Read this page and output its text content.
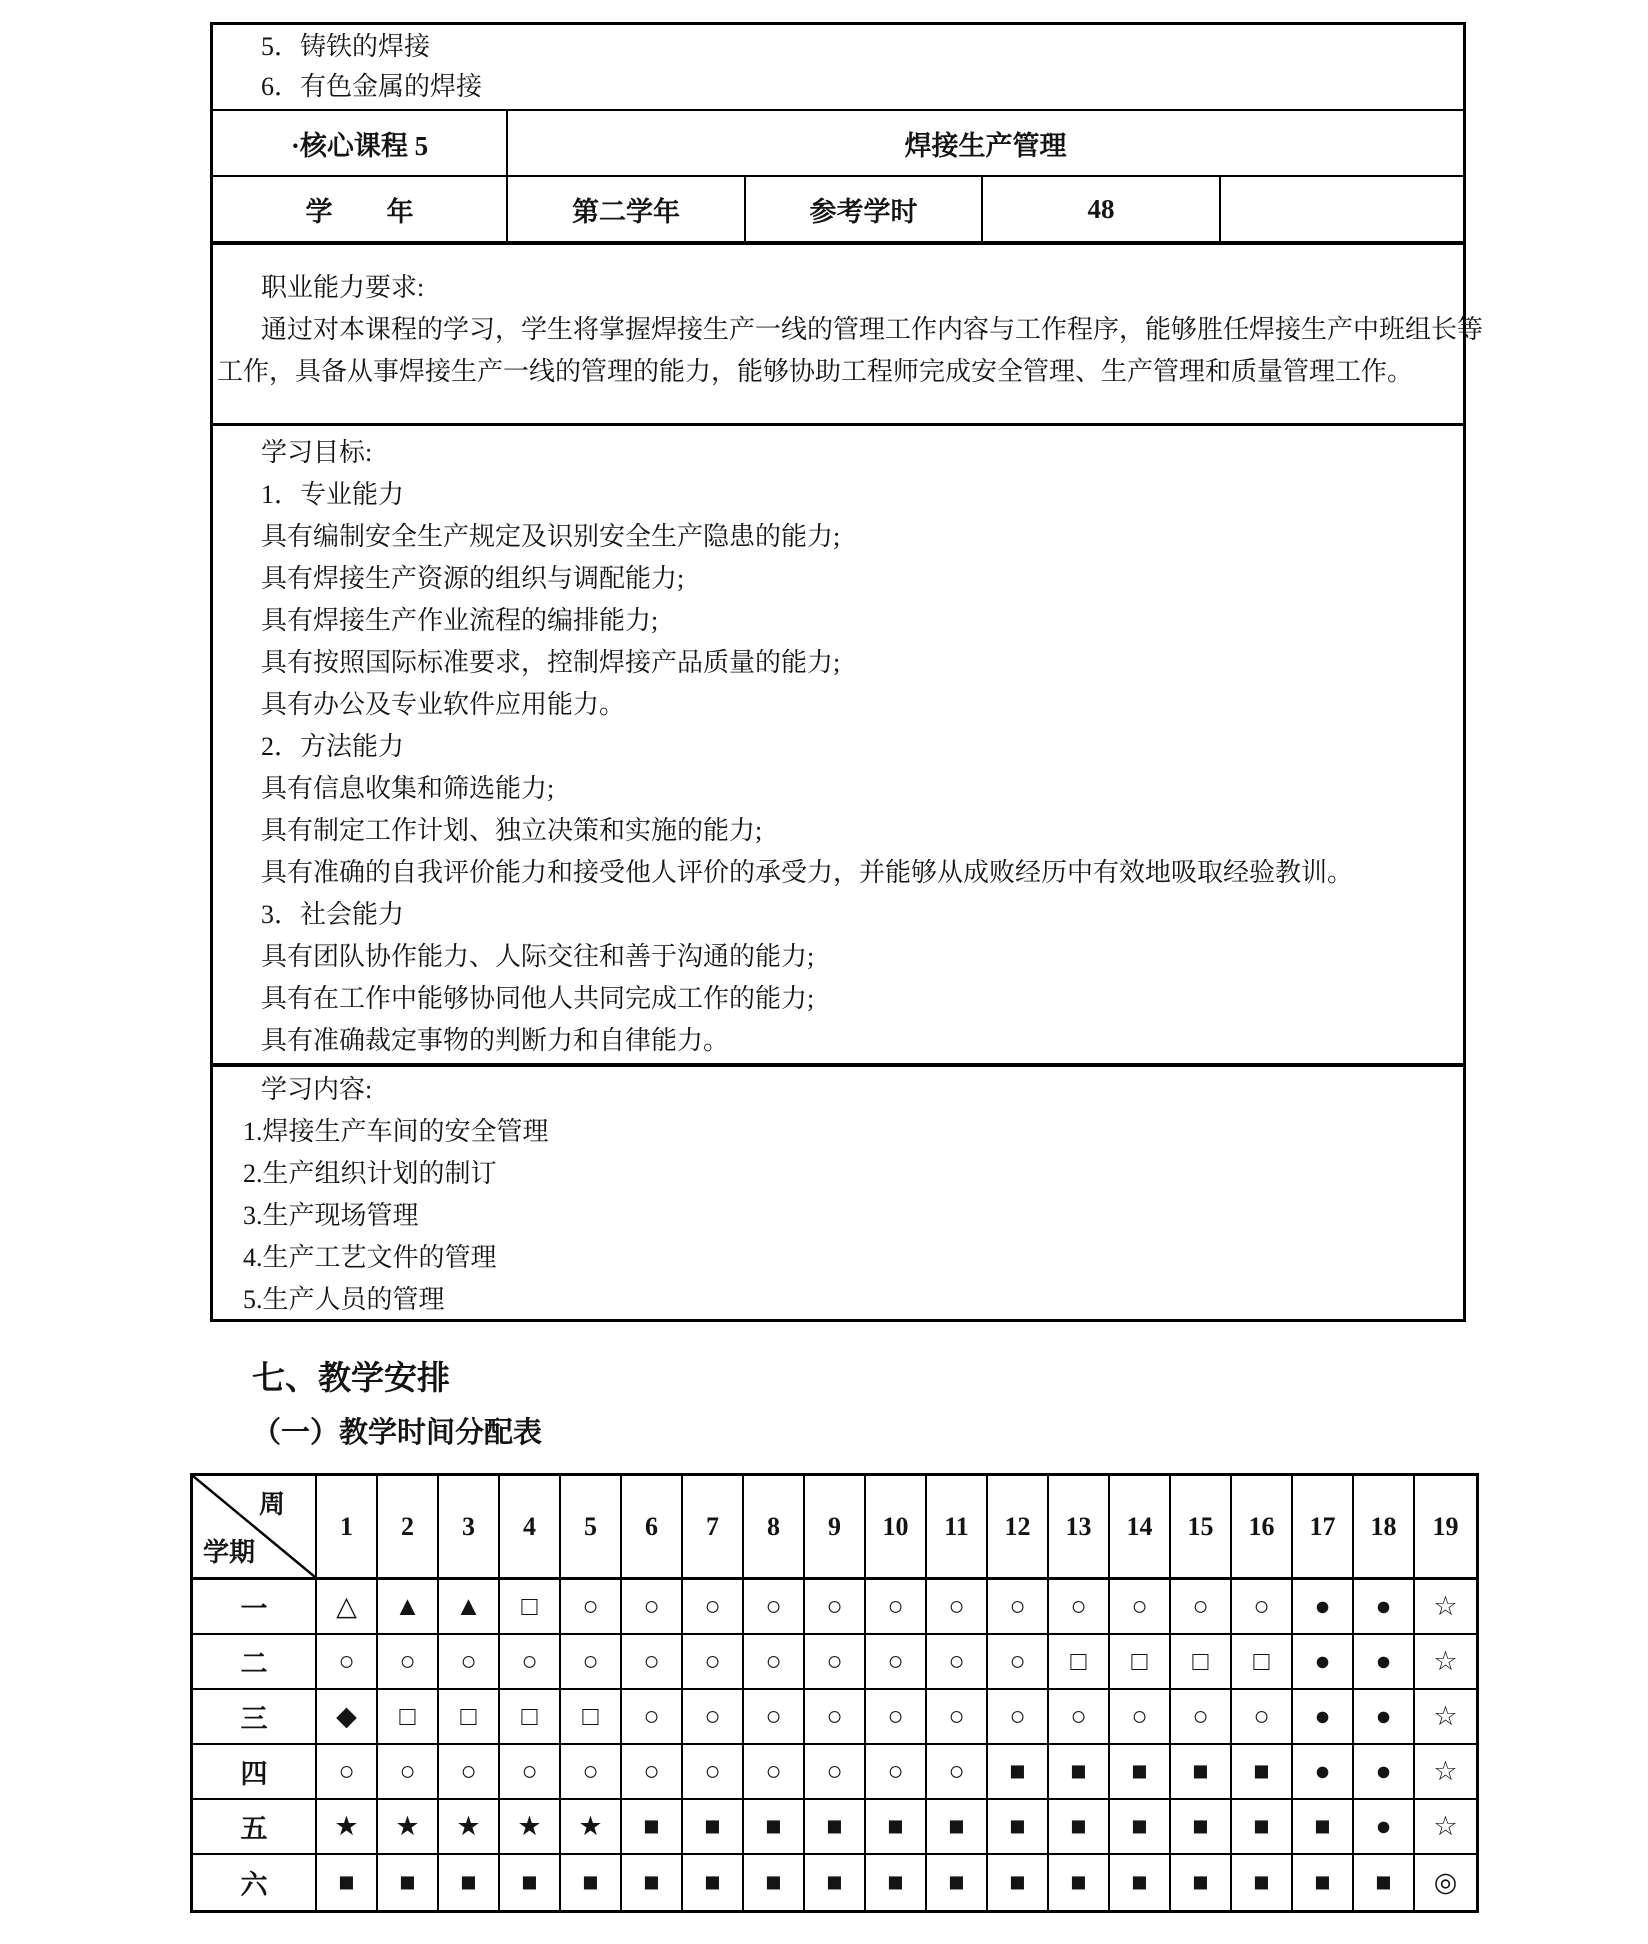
5．铸铁的焊接
6．有色金属的焊接
·核心课程 5	焊接生产管理
学　　年	第二学年	参考学时	48
职业能力要求:
通过对本课程的学习，学生将掌握焊接生产一线的管理工作内容与工作程序，能够胜任焊接生产中班组长等
工作，具备从事焊接生产一线的管理的能力，能够协助工程师完成安全管理、生产管理和质量管理工作。
学习目标:
1．专业能力
具有编制安全生产规定及识别安全生产隐患的能力;
具有焊接生产资源的组织与调配能力;
具有焊接生产作业流程的编排能力;
具有按照国际标准要求，控制焊接产品质量的能力;
具有办公及专业软件应用能力。
2．方法能力
具有信息收集和筛选能力;
具有制定工作计划、独立决策和实施的能力;
具有准确的自我评价能力和接受他人评价的承受力，并能够从成败经历中有效地吸取经验教训。
3．社会能力
具有团队协作能力、人际交往和善于沟通的能力;
具有在工作中能够协同他人共同完成工作的能力;
具有准确裁定事物的判断力和自律能力。
学习内容:
1.焊接生产车间的安全管理
2.生产组织计划的制订
3.生产现场管理
4.生产工艺文件的管理
5.生产人员的管理
七、教学安排
（一）教学时间分配表
周
学期
1	2	3	4	5	6	7	8	9	10	11	12	13	14	15	16	17	18	19
一	△	▲	▲	□	○	○	○	○	○	○	○	○	○	○	○	○	●	●	☆
二	○	○	○	○	○	○	○	○	○	○	○	○	□	□	□	□	●	●	☆
三	◆	□	□	□	□	○	○	○	○	○	○	○	○	○	○	○	●	●	☆
四	○	○	○	○	○	○	○	○	○	○	○	■	■	■	■	■	●	●	☆
五	★	★	★	★	★	■	■	■	■	■	■	■	■	■	■	■	■	●	☆
六	■	■	■	■	■	■	■	■	■	■	■	■	■	■	■	■	■	■	◎
